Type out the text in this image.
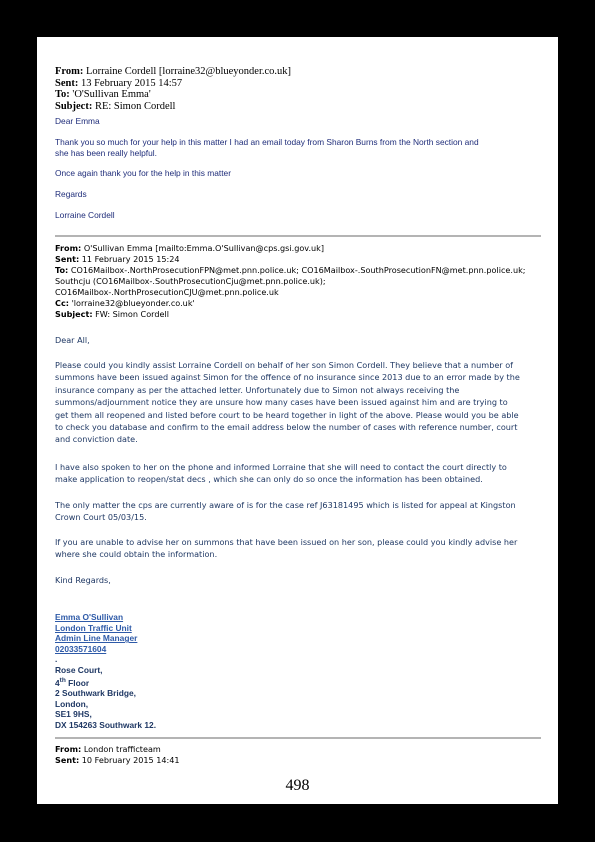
From: Lorraine Cordell [lorraine32@blueyonder.co.uk]
Sent: 13 February 2015 14:57
To: 'O'Sullivan Emma'
Subject: RE: Simon Cordell
Dear Emma
Thank you so much for your help in this matter I had an email today from Sharon Burns from the North section and
she has been really helpful.
Once again thank you for the help in this matter
Regards
Lorraine Cordell
From: O'Sullivan Emma [mailto:Emma.O'Sullivan@cps.gsi.gov.uk]
Sent: 11 February 2015 15:24
To: CO16Mailbox-.NorthProsecutionFPN@met.pnn.police.uk; CO16Mailbox-.SouthProsecutionFN@met.pnn.police.uk;
Southcju (CO16Mailbox-.SouthProsecutionCju@met.pnn.police.uk);
CO16Mailbox-.NorthProsecutionCJU@met.pnn.police.uk
Cc: 'lorraine32@blueyonder.co.uk'
Subject: FW: Simon Cordell
Dear All,
Please could you kindly assist Lorraine Cordell on behalf of her son Simon Cordell. They believe that a number of
summons have been issued against Simon for the offence of no insurance since 2013 due to an error made by the
insurance company as per the attached letter. Unfortunately due to Simon not always receiving the
summons/adjournment notice they are unsure how many cases have been issued against him and are trying to
get them all reopened and listed before court to be heard together in light of the above. Please would you be able
to check you database and confirm to the email address below the number of cases with reference number, court
and conviction date.
I have also spoken to her on the phone and informed Lorraine that she will need to contact the court directly to
make application to reopen/stat decs , which she can only do so once the information has been obtained.
The only matter the cps are currently aware of is for the case ref J63181495 which is listed for appeal at Kingston
Crown Court 05/03/15.
If you are unable to advise her on summons that have been issued on her son, please could you kindly advise her
where she could obtain the information.
Kind Regards,
Emma O'Sullivan
London Traffic Unit
Admin Line Manager
02033571604
.
Rose Court,
4th Floor
2 Southwark Bridge,
London,
SE1 9HS,
DX 154263 Southwark 12.
From: London trafficteam
Sent: 10 February 2015 14:41
498
